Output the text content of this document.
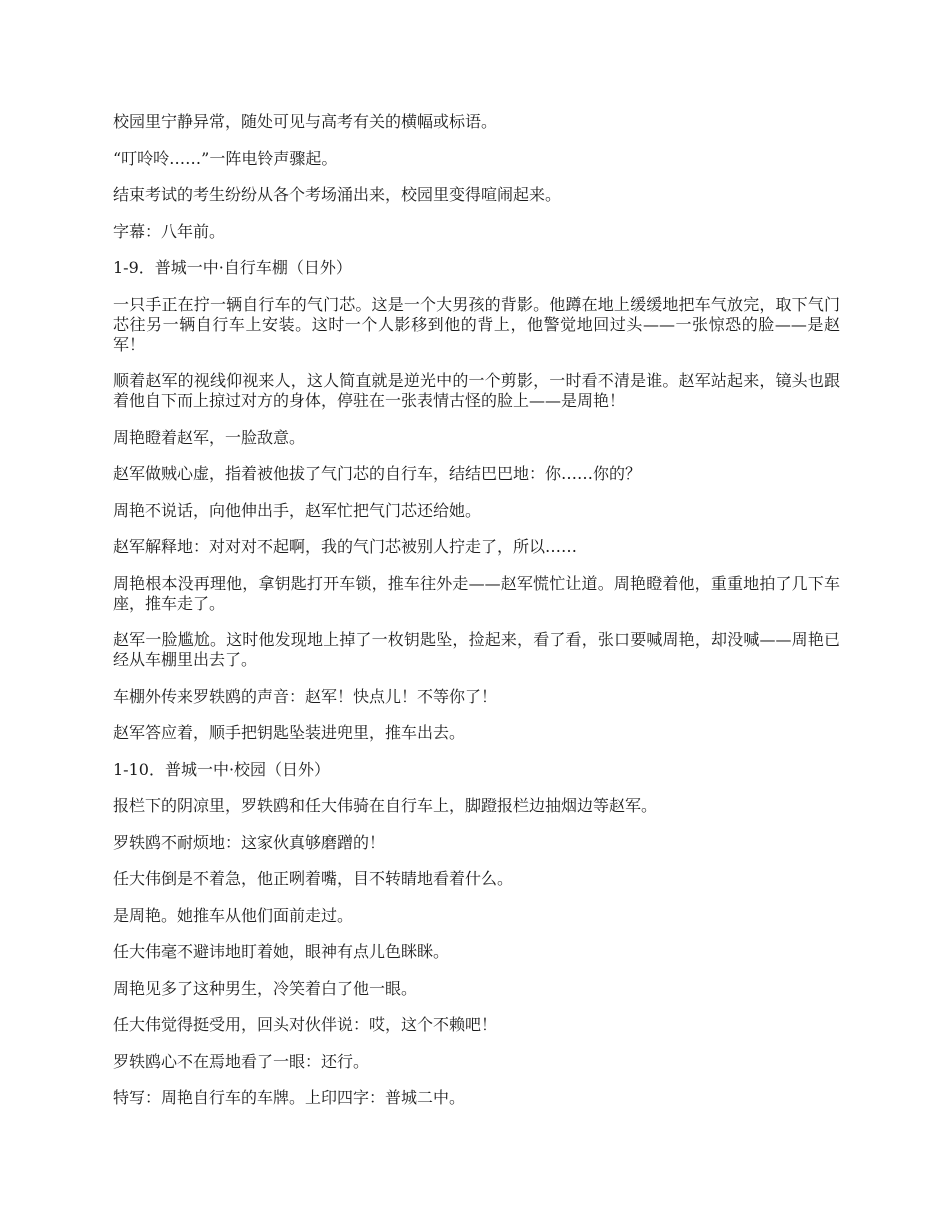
校园里宁静异常，随处可见与高考有关的横幅或标语。

“叮呤呤……”一阵电铃声骤起。

结束考试的考生纷纷从各个考场涌出来，校园里变得喧闹起来。

字幕：八年前。

1-9．普城一中·自行车棚（日外）

一只手正在拧一辆自行车的气门芯。这是一个大男孩的背影。他蹲在地上缓缓地把车气放完，取下气门芯往另一辆自行车上安装。这时一个人影移到他的背上，他警觉地回过头——一张惊恐的脸——是赵军！

顺着赵军的视线仰视来人，这人简直就是逆光中的一个剪影，一时看不清是谁。赵军站起来，镜头也跟着他自下而上掠过对方的身体，停驻在一张表情古怪的脸上——是周艳！

周艳瞪着赵军，一脸敌意。

赵军做贼心虚，指着被他拔了气门芯的自行车，结结巴巴地：你……你的？

周艳不说话，向他伸出手，赵军忙把气门芯还给她。

赵军解释地：对对对不起啊，我的气门芯被别人拧走了，所以……

周艳根本没再理他，拿钥匙打开车锁，推车往外走——赵军慌忙让道。周艳瞪着他，重重地拍了几下车座，推车走了。

赵军一脸尴尬。这时他发现地上掉了一枚钥匙坠，捡起来，看了看，张口要喊周艳，却没喊——周艳已经从车棚里出去了。

车棚外传来罗轶鸥的声音：赵军！快点儿！不等你了！

赵军答应着，顺手把钥匙坠装进兜里，推车出去。

1-10．普城一中·校园（日外）

报栏下的阴凉里，罗轶鸥和任大伟骑在自行车上，脚蹬报栏边抽烟边等赵军。

罗轶鸥不耐烦地：这家伙真够磨蹭的！

任大伟倒是不着急，他正咧着嘴，目不转睛地看着什么。

是周艳。她推车从他们面前走过。

任大伟毫不避讳地盯着她，眼神有点儿色眯眯。

周艳见多了这种男生，冷笑着白了他一眼。

任大伟觉得挺受用，回头对伙伴说：哎，这个不赖吧！

罗轶鸥心不在焉地看了一眼：还行。

特写：周艳自行车的车牌。上印四字：普城二中。
